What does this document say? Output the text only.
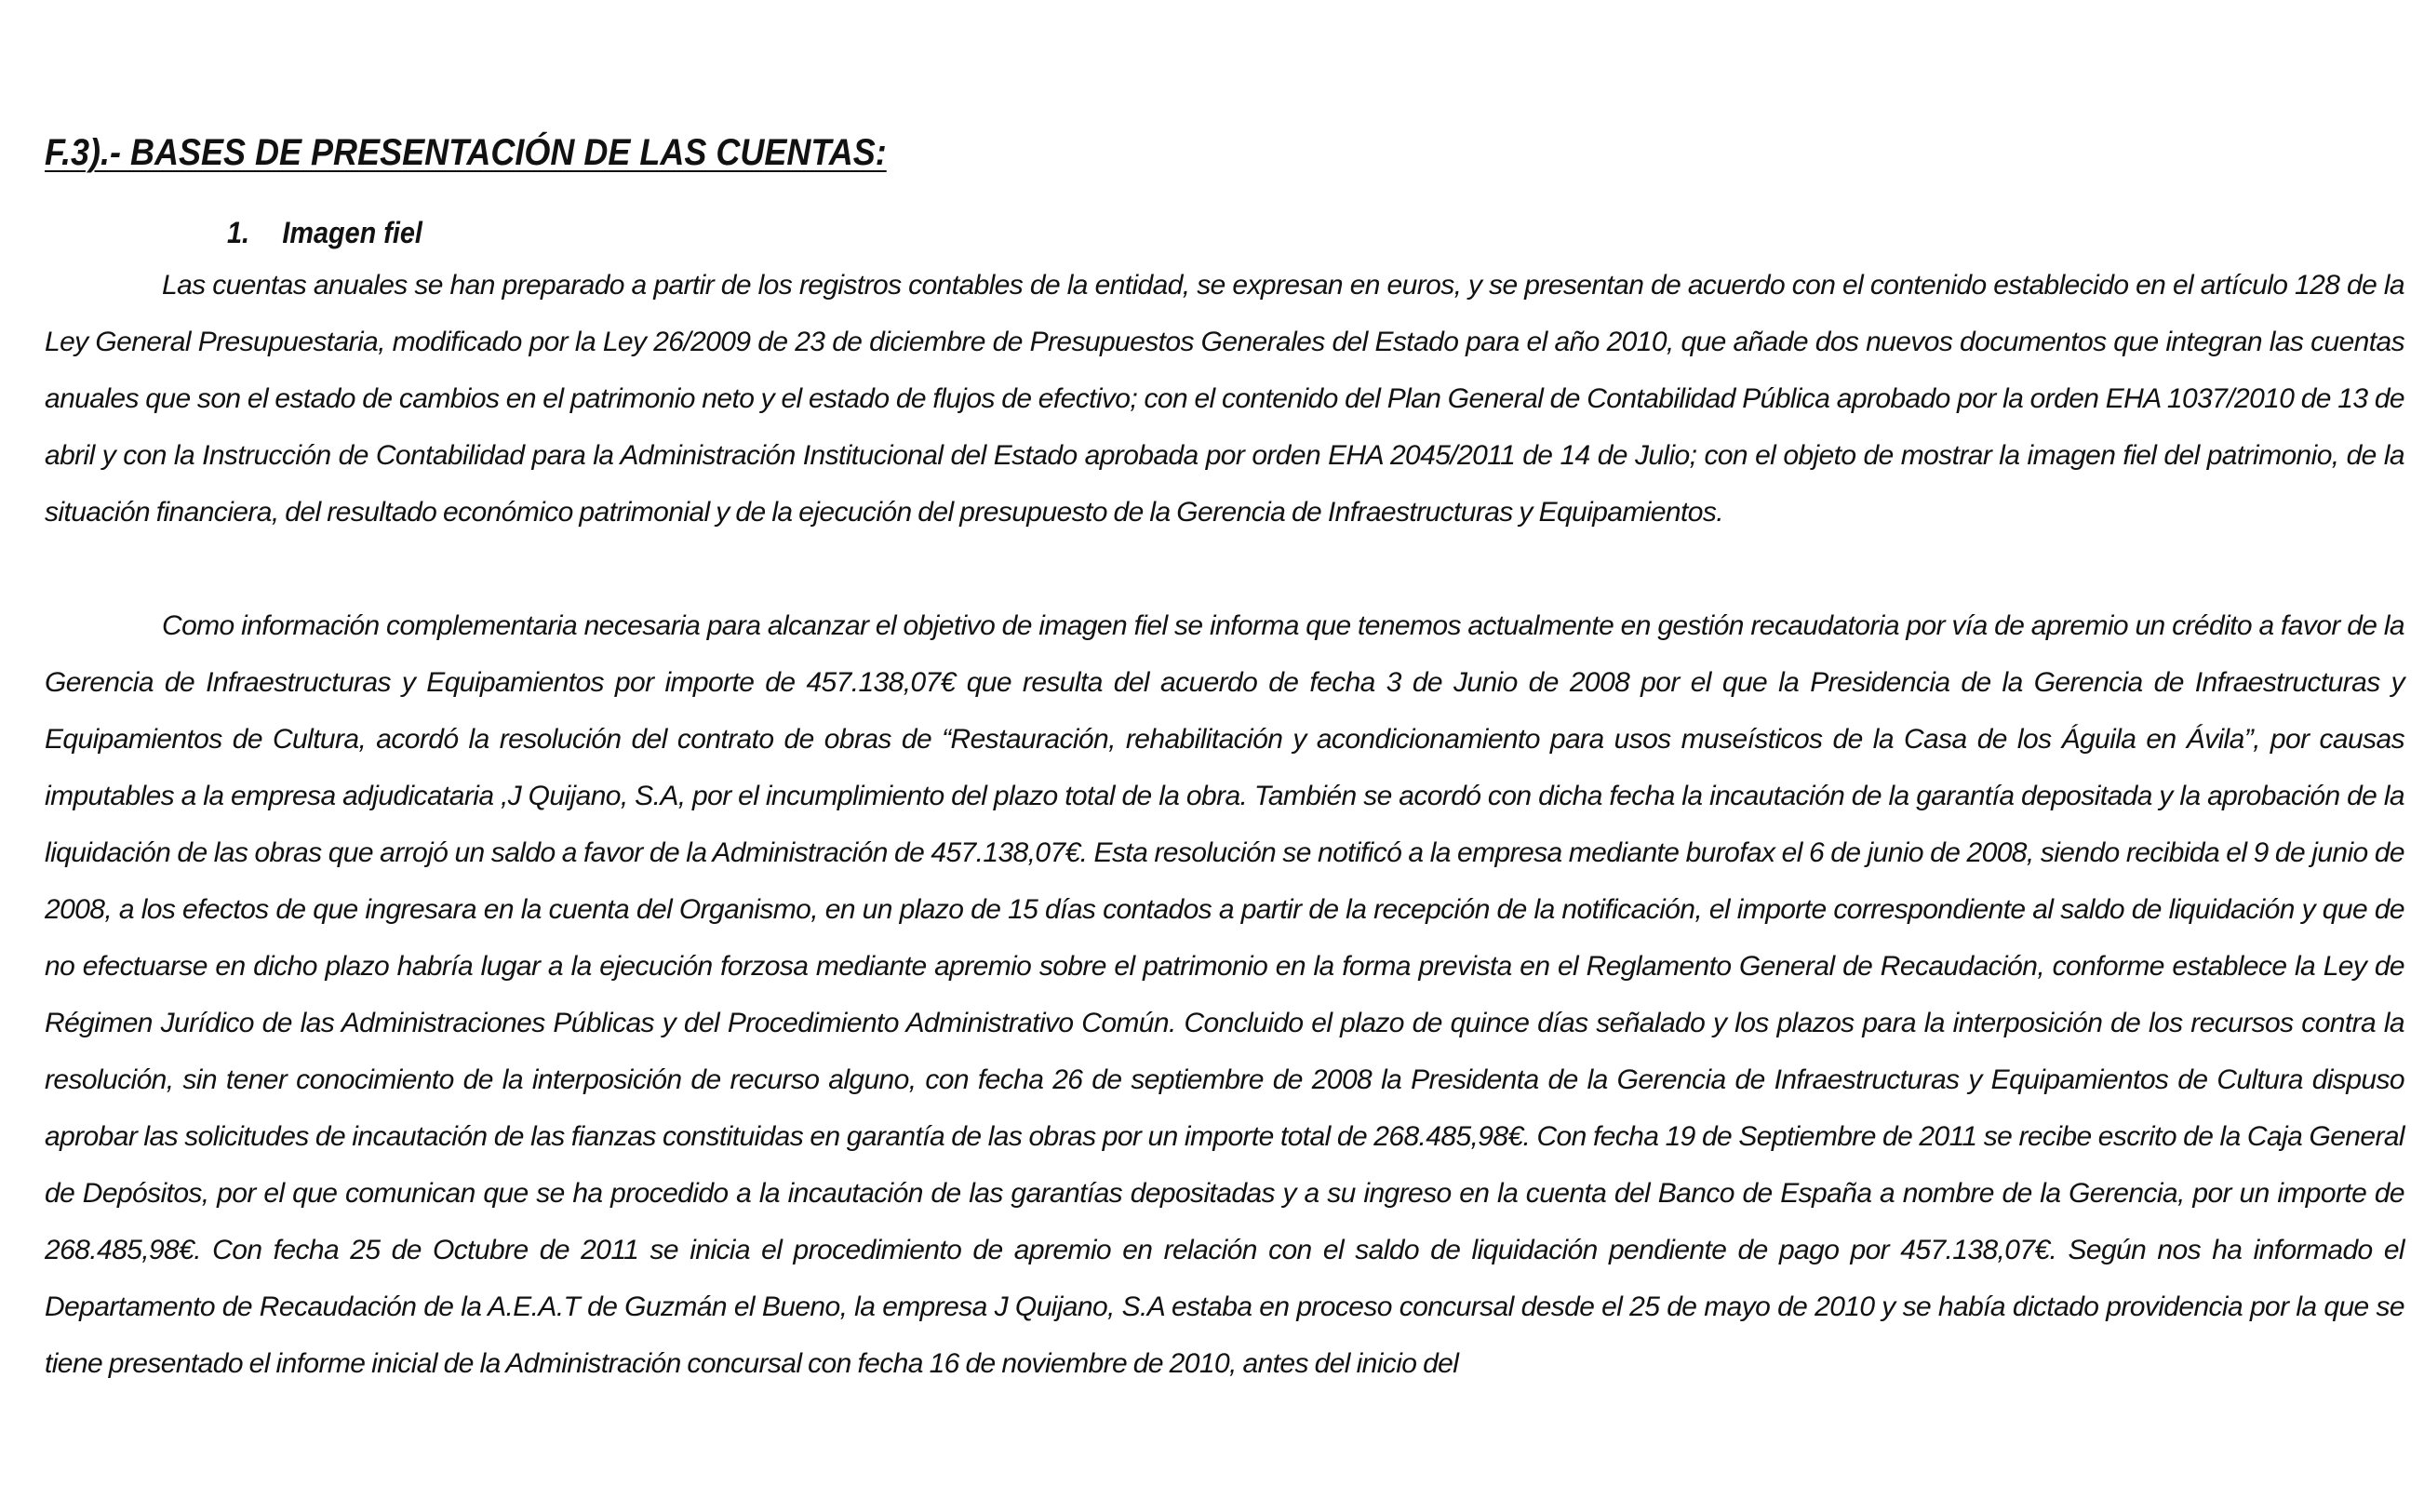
F.3).- BASES DE PRESENTACIÓN DE LAS CUENTAS:
1.	Imagen fiel

Las cuentas anuales se han preparado a partir de los registros contables de la entidad, se expresan en euros, y se presentan de acuerdo con el contenido establecido en el artículo 128 de la Ley General Presupuestaria, modificado por la Ley 26/2009 de 23 de diciembre de Presupuestos Generales del Estado para el año 2010, que añade dos nuevos documentos que integran las cuentas anuales que son el estado de cambios en el patrimonio neto y el estado de flujos de efectivo; con el contenido del Plan General de Contabilidad Pública aprobado por la orden EHA 1037/2010 de 13 de abril y con la Instrucción de Contabilidad para la Administración Institucional del Estado aprobada por orden EHA 2045/2011 de 14 de Julio; con el objeto de mostrar la imagen fiel del patrimonio, de la situación financiera, del resultado económico patrimonial y de la ejecución del presupuesto de la Gerencia de Infraestructuras y Equipamientos.

Como información complementaria necesaria para alcanzar el objetivo de imagen fiel se informa que tenemos actualmente en gestión recaudatoria por vía de apremio un crédito a favor de la Gerencia de Infraestructuras y Equipamientos por importe de 457.138,07€ que resulta del acuerdo de fecha 3 de Junio de 2008 por el que la Presidencia de la Gerencia de Infraestructuras y Equipamientos de Cultura, acordó la resolución del contrato de obras de “Restauración, rehabilitación y acondicionamiento para usos museísticos de la Casa de los Águila en Ávila”, por causas imputables a la empresa adjudicataria ,J Quijano, S.A, por el incumplimiento del plazo total de la obra. También se acordó con dicha fecha la incautación de la garantía depositada y la aprobación de la liquidación de las obras que arrojó un saldo a favor de la Administración de 457.138,07€. Esta resolución se notificó a la empresa mediante burofax el 6 de junio de 2008, siendo recibida el 9 de junio de 2008, a los efectos de que ingresara en la cuenta del Organismo, en un plazo de 15 días contados a partir de la recepción de la notificación, el importe correspondiente al saldo de liquidación y que de no efectuarse en dicho plazo habría lugar a la ejecución forzosa mediante apremio sobre el patrimonio en la forma prevista en el Reglamento General de Recaudación, conforme establece la Ley de Régimen Jurídico de las Administraciones Públicas y del Procedimiento Administrativo Común. Concluido el plazo de quince días señalado y los plazos para la interposición de los recursos contra la resolución, sin tener conocimiento de la interposición de recurso alguno, con fecha 26 de septiembre de 2008 la Presidenta de la Gerencia de Infraestructuras y Equipamientos de Cultura dispuso aprobar las solicitudes de incautación de las fianzas constituidas en garantía de las obras por un importe total de 268.485,98€. Con fecha 19 de Septiembre de 2011 se recibe escrito de la Caja General de Depósitos, por el que comunican que se ha procedido a la incautación de las garantías depositadas y a su ingreso en la cuenta del Banco de España a nombre de la Gerencia, por un importe de 268.485,98€. Con fecha 25 de Octubre de 2011 se inicia el procedimiento de apremio en relación con el saldo de liquidación pendiente de pago por 457.138,07€. Según nos ha informado el Departamento de Recaudación de la A.E.A.T de Guzmán el Bueno, la empresa J Quijano, S.A estaba en proceso concursal desde el 25 de mayo de 2010 y se había dictado providencia por la que se tiene presentado el informe inicial de la Administración concursal con fecha 16 de noviembre de 2010, antes del inicio del
